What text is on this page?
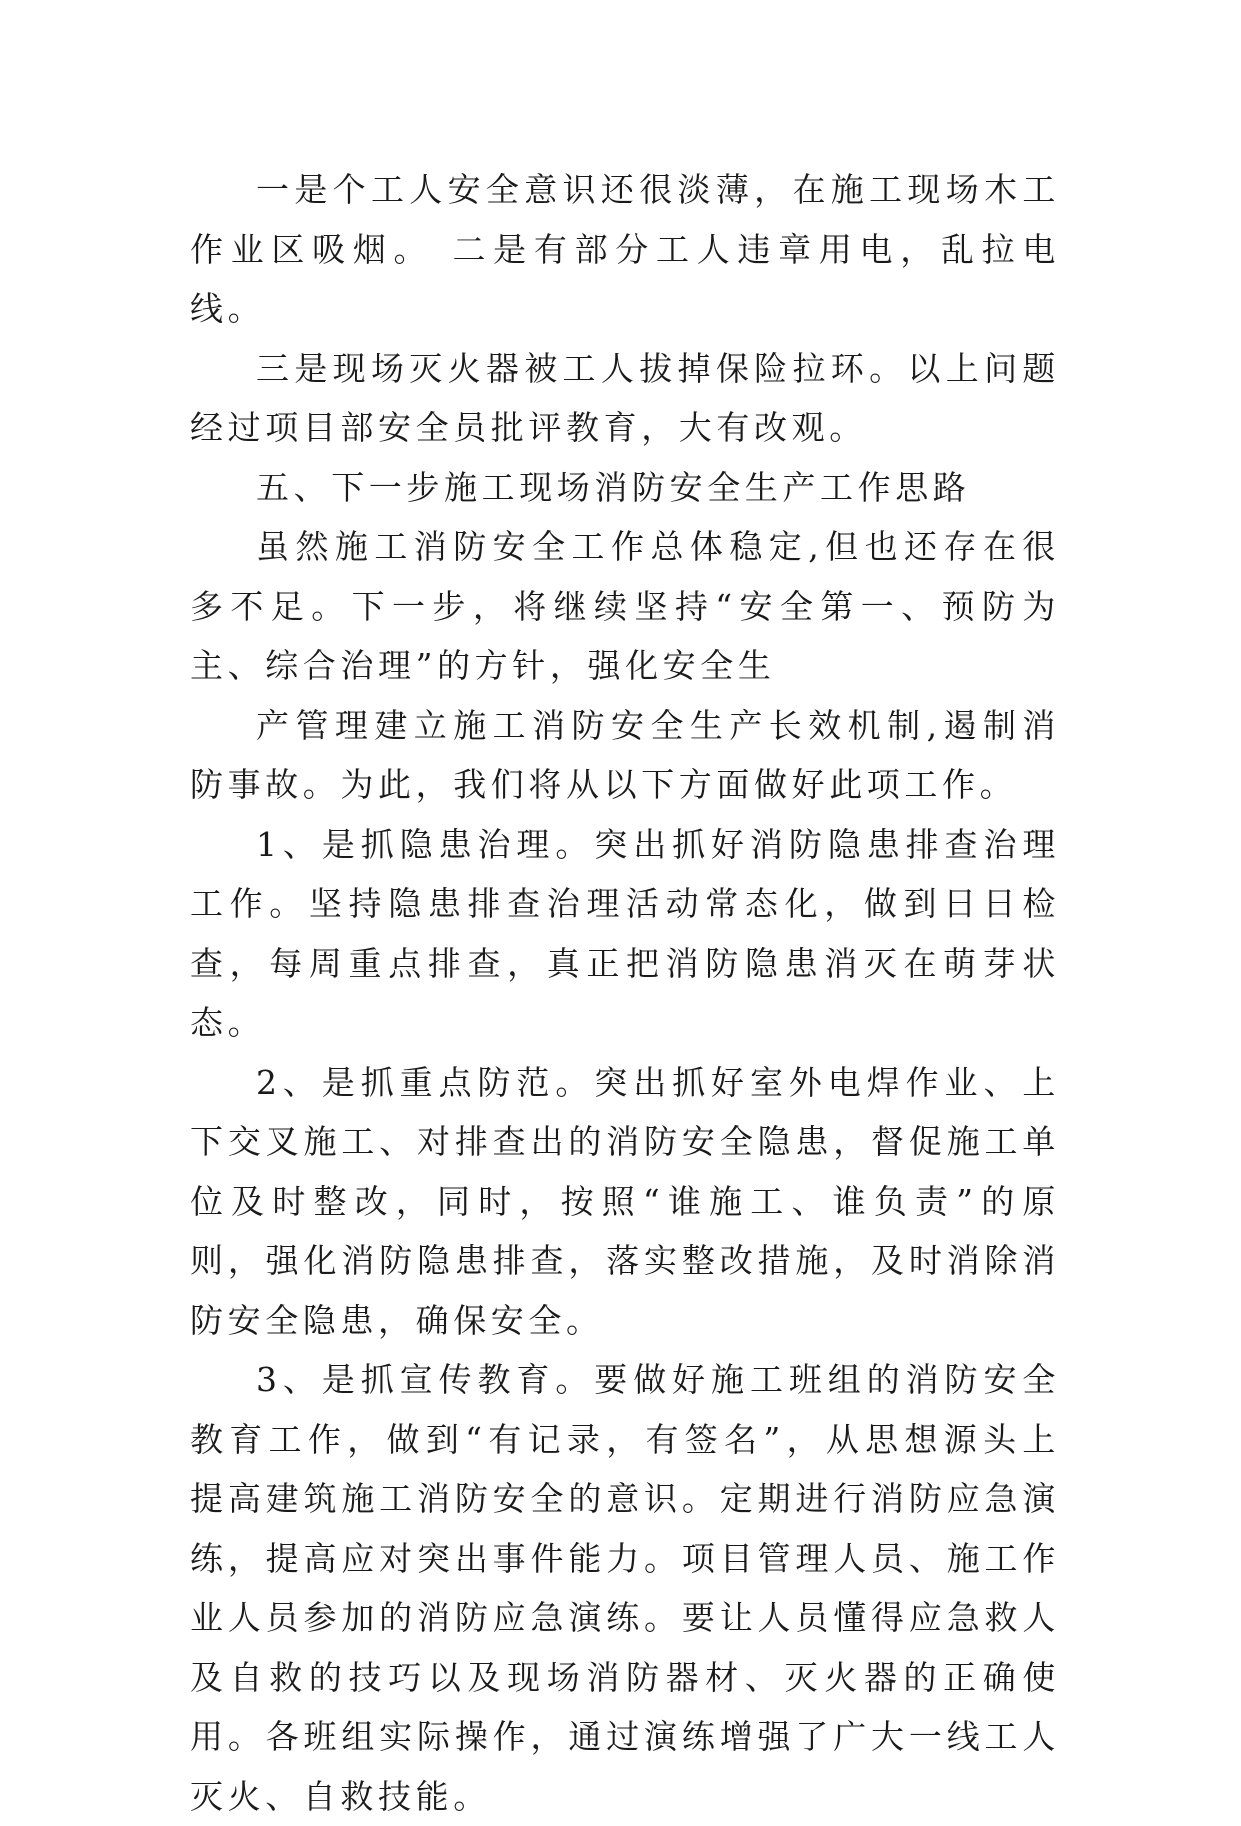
一是个工人安全意识还很淡薄，在施工现场木工作业区吸烟。 二是有部分工人违章用电，乱拉电线。

三是现场灭火器被工人拔掉保险拉环。以上问题经过项目部安全员批评教育，大有改观。

五、下一步施工现场消防安全生产工作思路

虽然施工消防安全工作总体稳定,但也还存在很多不足。下一步，将继续坚持“安全第一、预防为主、综合治理”的方针，强化安全生

产管理建立施工消防安全生产长效机制,遏制消防事故。为此，我们将从以下方面做好此项工作。

1、是抓隐患治理。突出抓好消防隐患排查治理工作。坚持隐患排查治理活动常态化，做到日日检查，每周重点排查，真正把消防隐患消灭在萌芽状态。

2、是抓重点防范。突出抓好室外电焊作业、上下交叉施工、对排查出的消防安全隐患，督促施工单位及时整改，同时，按照“谁施工、谁负责”的原则，强化消防隐患排查，落实整改措施，及时消除消防安全隐患，确保安全。

3、是抓宣传教育。要做好施工班组的消防安全教育工作，做到“有记录，有签名”，从思想源头上提高建筑施工消防安全的意识。定期进行消防应急演练，提高应对突出事件能力。项目管理人员、施工作业人员参加的消防应急演练。要让人员懂得应急救人及自救的技巧以及现场消防器材、灭火器的正确使用。各班组实际操作，通过演练增强了广大一线工人灭火、自救技能。
